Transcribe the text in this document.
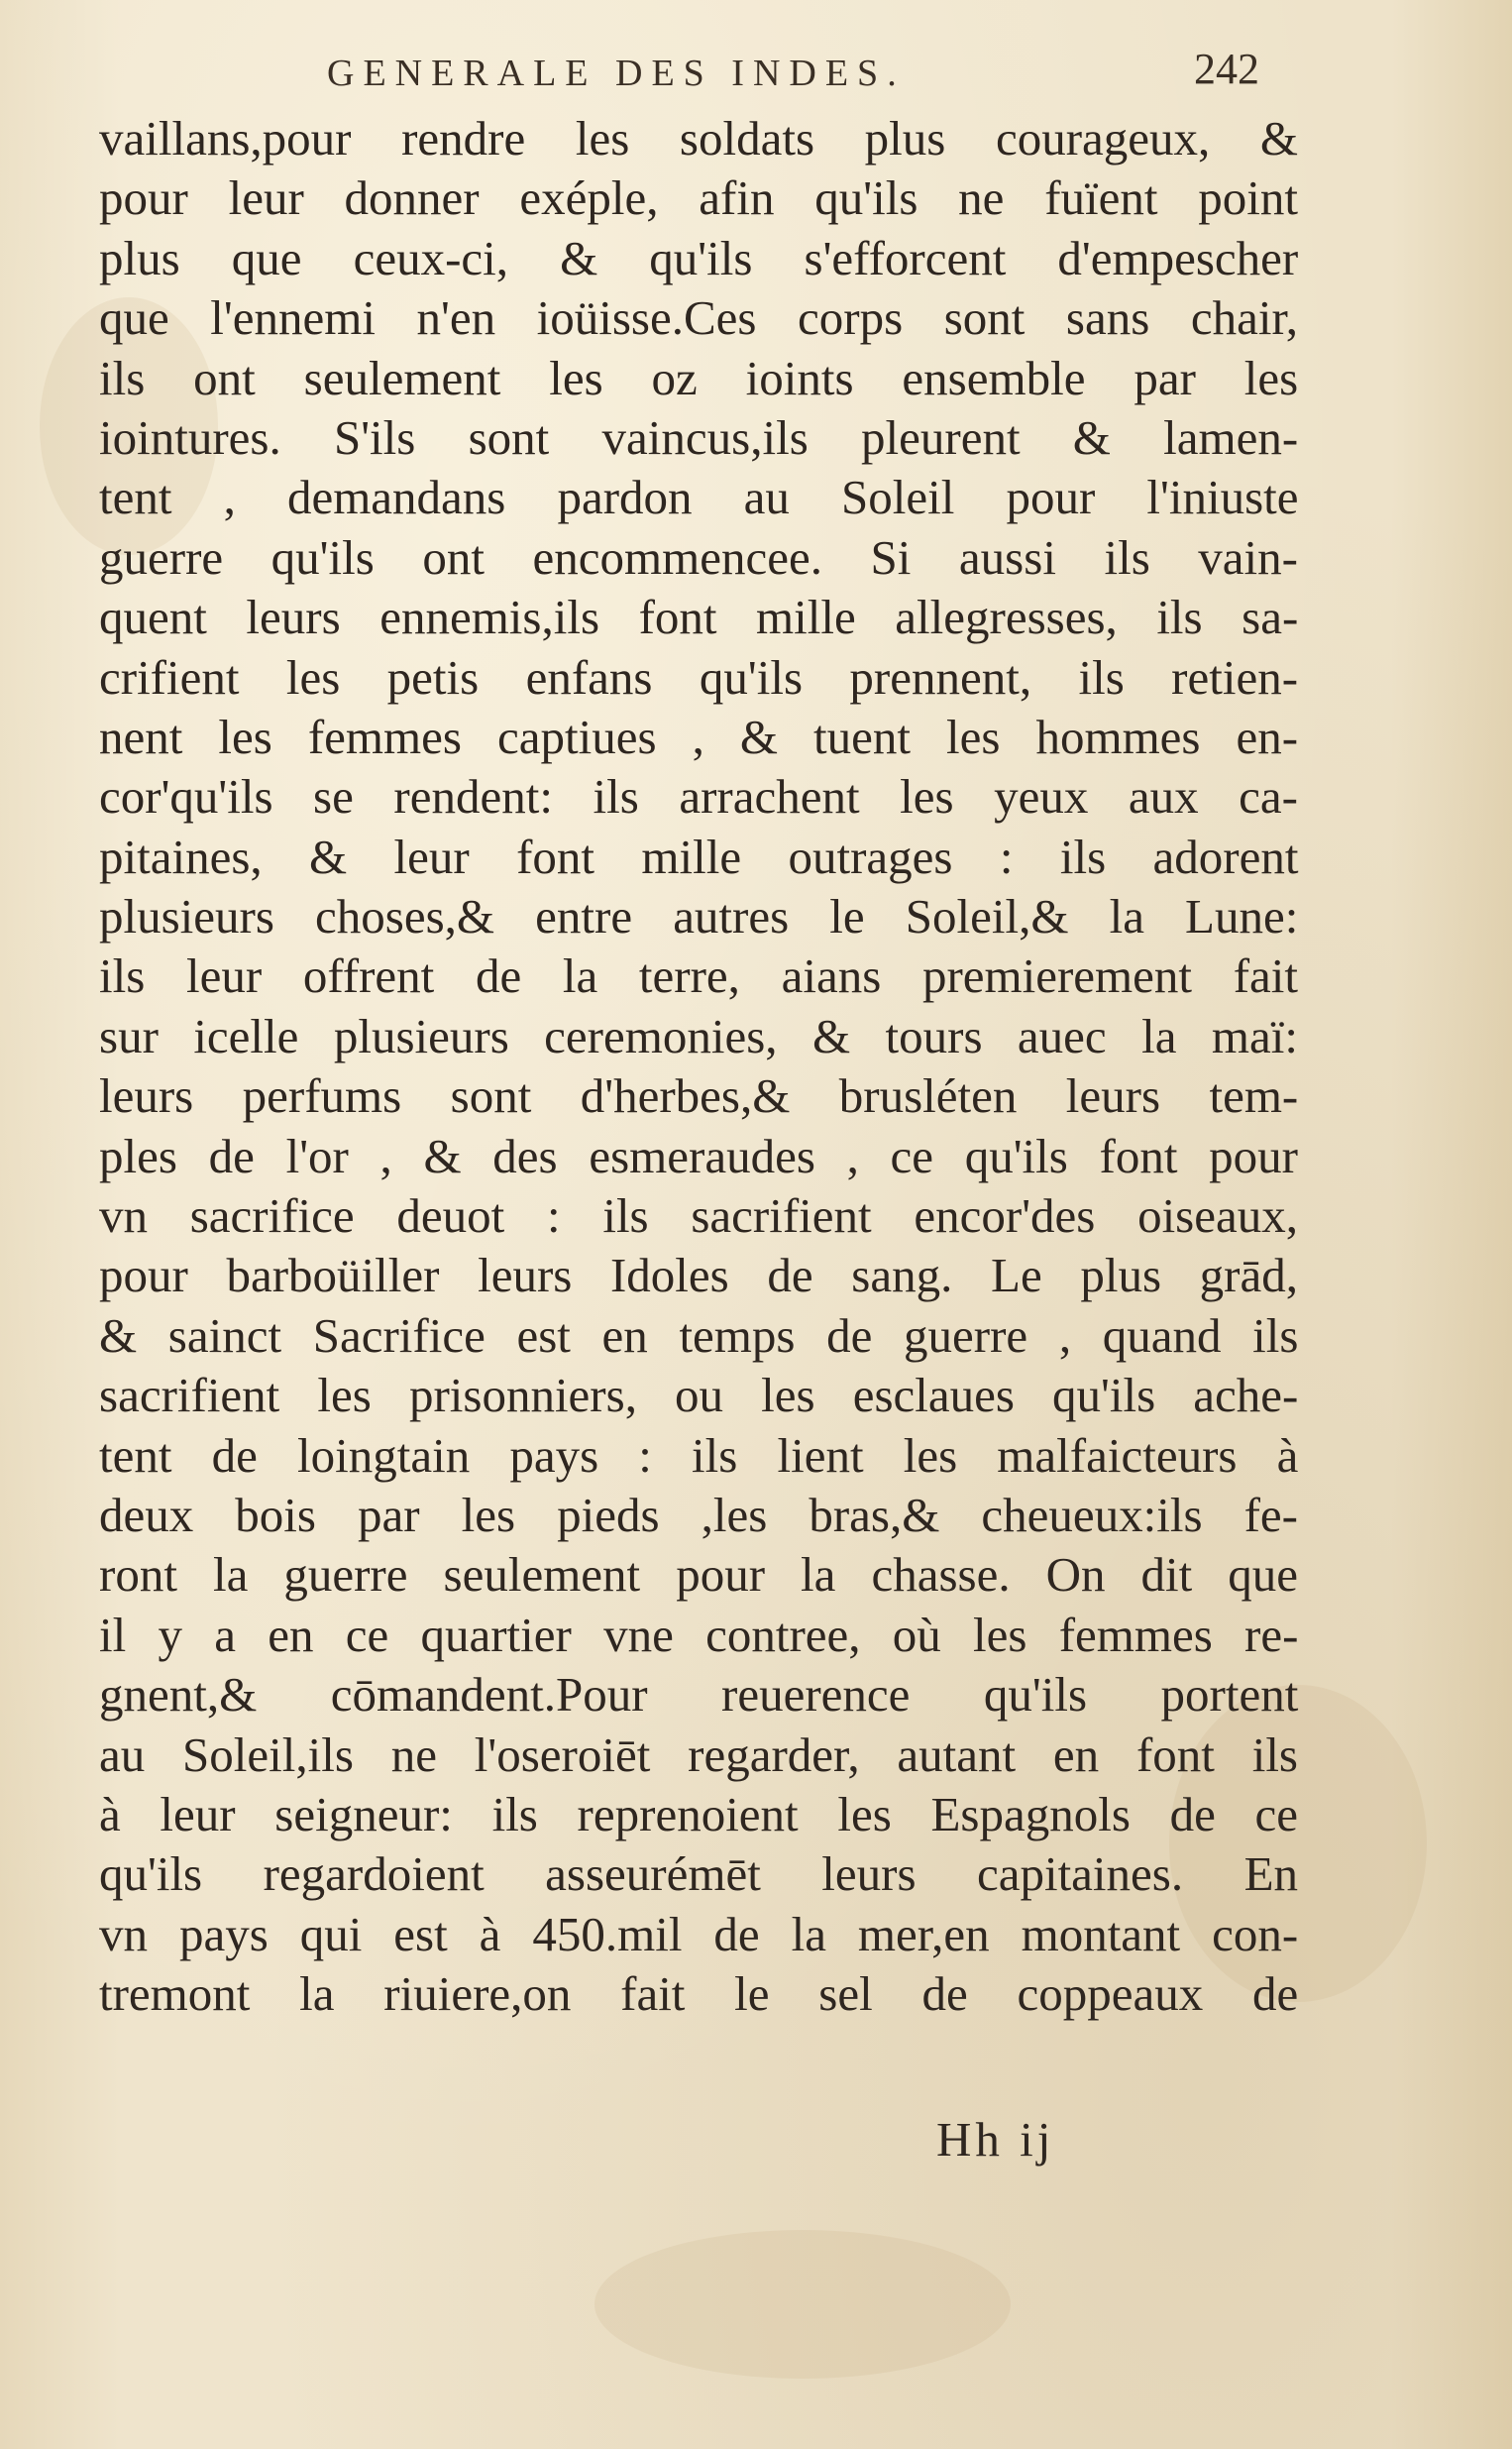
GENERALE DES INDES.	242
vaillans,pour rendre les soldats plus courageux, &
pour leur donner exéple, afin qu'ils ne fuïent point
plus que ceux-ci, & qu'ils s'efforcent d'empescher
que l'ennemi n'en ioüisse.Ces corps sont sans chair,
ils ont seulement les oz ioints ensemble par les
iointures. S'ils sont vaincus,ils pleurent & lamen-
tent , demandans pardon au Soleil pour l'iniuste
guerre qu'ils ont encommencee. Si aussi ils vain-
quent leurs ennemis,ils font mille allegresses, ils sa-
crifient les petis enfans qu'ils prennent, ils retien-
nent les femmes captiues , & tuent les hommes en-
cor'qu'ils se rendent: ils arrachent les yeux aux ca-
pitaines, & leur font mille outrages : ils adorent
plusieurs choses,& entre autres le Soleil,& la Lune:
ils leur offrent de la terre, aians premierement fait
sur icelle plusieurs ceremonies, & tours auec la maï:
leurs perfums sont d'herbes,& brusléten leurs tem-
ples de l'or , & des esmeraudes , ce qu'ils font pour
vn sacrifice deuot : ils sacrifient encor'des oiseaux,
pour barboüiller leurs Idoles de sang. Le plus grād,
& sainct Sacrifice est en temps de guerre , quand ils
sacrifient les prisonniers, ou les esclaues qu'ils ache-
tent de loingtain pays : ils lient les malfaicteurs à
deux bois par les pieds ,les bras,& cheueux:ils fe-
ront la guerre seulement pour la chasse. On dit que
il y a en ce quartier vne contree, où les femmes re-
gnent,& cōmandent.Pour reuerence qu'ils portent
au Soleil,ils ne l'oseroiēt regarder, autant en font ils
à leur seigneur: ils reprenoient les Espagnols de ce
qu'ils regardoient asseurémēt leurs capitaines. En
vn pays qui est à 450.mil de la mer,en montant con-
tremont la riuiere,on fait le sel de coppeaux de
Hh ij
